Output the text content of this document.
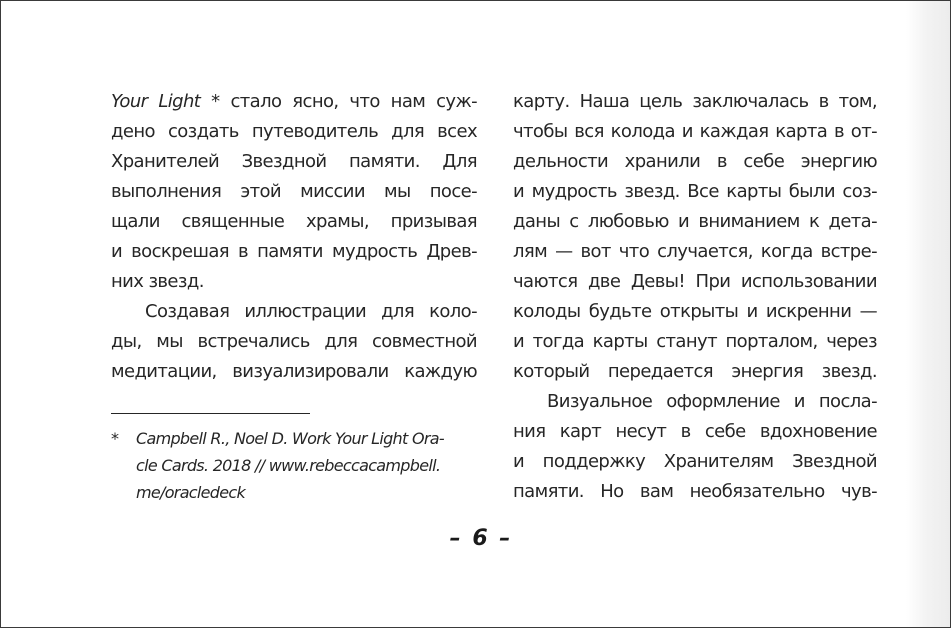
Your Light * стало ясно, что нам суж-
дено создать путеводитель для всех
Хранителей Звездной памяти. Для
выполнения этой миссии мы посе-
щали священные храмы, призывая
и воскрешая в памяти мудрость Древ-
них звезд.
Создавая иллюстрации для коло-
ды, мы встречались для совместной
медитации, визуализировали каждую
карту. Наша цель заключалась в том,
чтобы вся колода и каждая карта в от-
дельности хранили в себе энергию
и мудрость звезд. Все карты были соз-
даны с любовью и вниманием к дета-
лям — вот что случается, когда встре-
чаются две Девы! При использовании
колоды будьте открыты и искренни —
и тогда карты станут порталом, через
который передается энергия звезд.
Визуальное оформление и посла-
ния карт несут в себе вдохновение
и поддержку Хранителям Звездной
памяти. Но вам необязательно чув-
* Campbell R., Noel D. Work Your Light Ora-
cle Cards. 2018 // www.rebeccacampbell.
me/oracledeck
– 6 –
